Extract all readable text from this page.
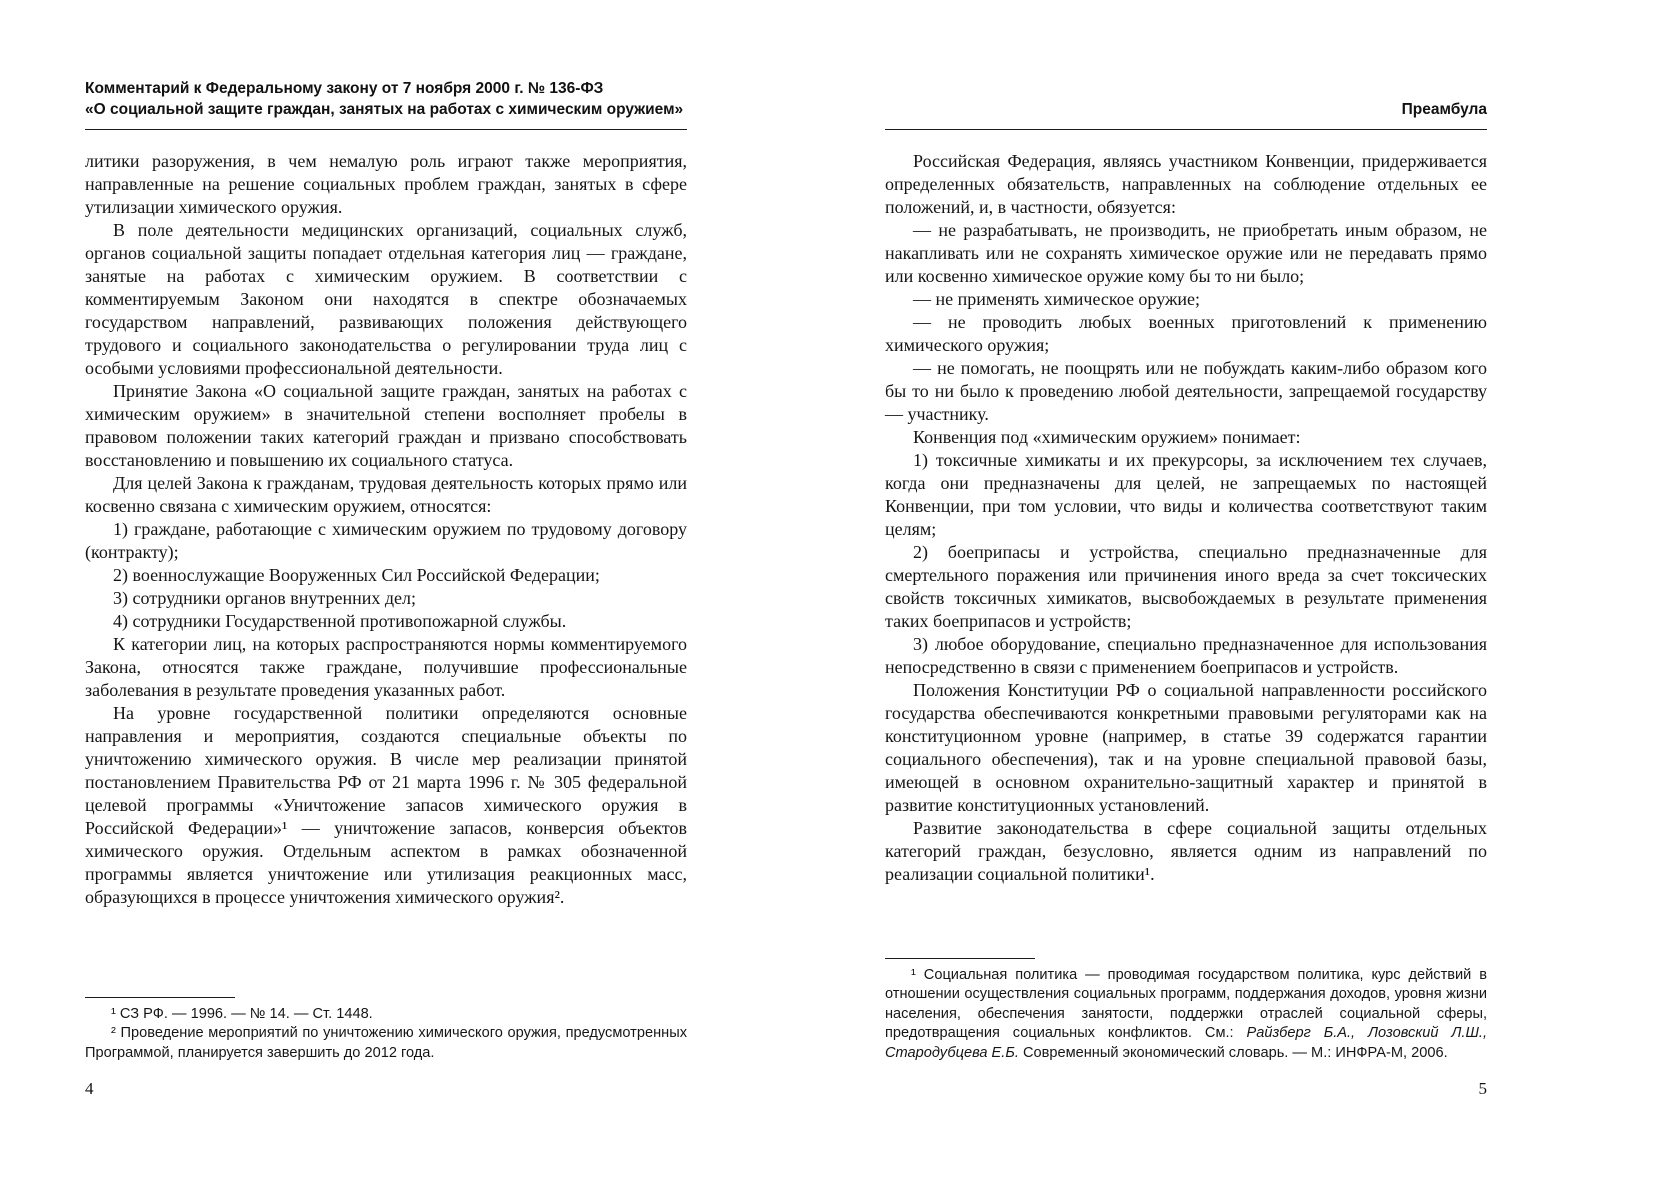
Комментарий к Федеральному закону от 7 ноября 2000 г. № 136-ФЗ
«О социальной защите граждан, занятых на работах с химическим оружием»

литики разоружения, в чем немалую роль играют также мероприятия, направленные на решение социальных проблем граждан, занятых в сфере утилизации химического оружия.

В поле деятельности медицинских организаций, социальных служб, органов социальной защиты попадает отдельная категория лиц — граждане, занятые на работах с химическим оружием. В соответствии с комментируемым Законом они находятся в спектре обозначаемых государством направлений, развивающих положения действующего трудового и социального законодательства о регулировании труда лиц с особыми условиями профессиональной деятельности.

Принятие Закона «О социальной защите граждан, занятых на работах с химическим оружием» в значительной степени восполняет пробелы в правовом положении таких категорий граждан и призвано способствовать восстановлению и повышению их социального статуса.

Для целей Закона к гражданам, трудовая деятельность которых прямо или косвенно связана с химическим оружием, относятся:

1) граждане, работающие с химическим оружием по трудовому договору (контракту);

2) военнослужащие Вооруженных Сил Российской Федерации;

3) сотрудники органов внутренних дел;

4) сотрудники Государственной противопожарной службы.

К категории лиц, на которых распространяются нормы комментируемого Закона, относятся также граждане, получившие профессиональные заболевания в результате проведения указанных работ.

На уровне государственной политики определяются основные направления и мероприятия, создаются специальные объекты по уничтожению химического оружия. В числе мер реализации принятой постановлением Правительства РФ от 21 марта 1996 г. № 305 федеральной целевой программы «Уничтожение запасов химического оружия в Российской Федерации»¹ — уничтожение запасов, конверсия объектов химического оружия. Отдельным аспектом в рамках обозначенной программы является уничтожение или утилизация реакционных масс, образующихся в процессе уничтожения химического оружия².

¹ СЗ РФ. — 1996. — № 14. — Ст. 1448.

² Проведение мероприятий по уничтожению химического оружия, предусмотренных Программой, планируется завершить до 2012 года.

4
Преамбула

Российская Федерация, являясь участником Конвенции, придерживается определенных обязательств, направленных на соблюдение отдельных ее положений, и, в частности, обязуется:

— не разрабатывать, не производить, не приобретать иным образом, не накапливать или не сохранять химическое оружие или не передавать прямо или косвенно химическое оружие кому бы то ни было;

— не применять химическое оружие;

— не проводить любых военных приготовлений к применению химического оружия;

— не помогать, не поощрять или не побуждать каким-либо образом кого бы то ни было к проведению любой деятельности, запрещаемой государству — участнику.

Конвенция под «химическим оружием» понимает:

1) токсичные химикаты и их прекурсоры, за исключением тех случаев, когда они предназначены для целей, не запрещаемых по настоящей Конвенции, при том условии, что виды и количества соответствуют таким целям;

2) боеприпасы и устройства, специально предназначенные для смертельного поражения или причинения иного вреда за счет токсических свойств токсичных химикатов, высвобождаемых в результате применения таких боеприпасов и устройств;

3) любое оборудование, специально предназначенное для использования непосредственно в связи с применением боеприпасов и устройств.

Положения Конституции РФ о социальной направленности российского государства обеспечиваются конкретными правовыми регуляторами как на конституционном уровне (например, в статье 39 содержатся гарантии социального обеспечения), так и на уровне специальной правовой базы, имеющей в основном охранительно-защитный характер и принятой в развитие конституционных установлений.

Развитие законодательства в сфере социальной защиты отдельных категорий граждан, безусловно, является одним из направлений по реализации социальной политики¹.

¹ Социальная политика — проводимая государством политика, курс действий в отношении осуществления социальных программ, поддержания доходов, уровня жизни населения, обеспечения занятости, поддержки отраслей социальной сферы, предотвращения социальных конфликтов. См.: Райзберг Б.А., Лозовский Л.Ш., Стародубцева Е.Б. Современный экономический словарь. — М.: ИНФРА-М, 2006.

5
